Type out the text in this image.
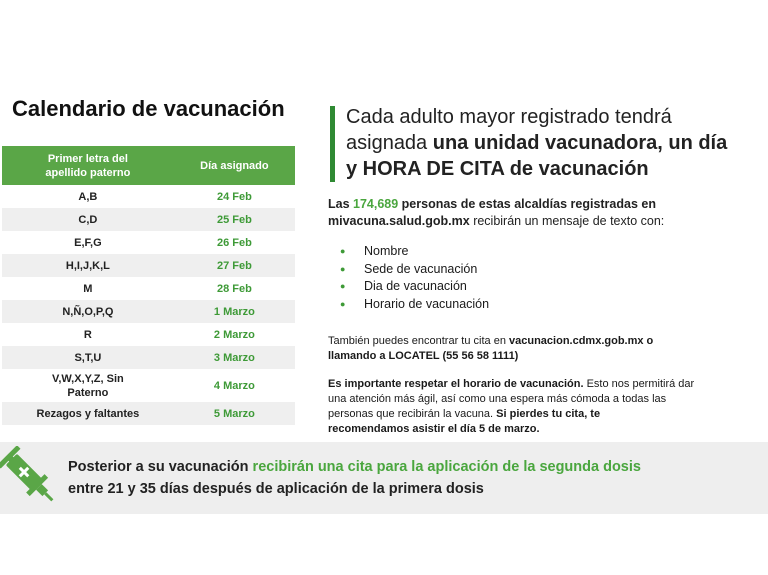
Calendario de vacunación
Primer letra del
apellido paterno	Día asignado
A,B	24 Feb
C,D	25 Feb
E,F,G	26 Feb
H,I,J,K,L	27 Feb
M	28 Feb
N,Ñ,O,P,Q	1 Marzo
R	2 Marzo
S,T,U	3 Marzo
V,W,X,Y,Z, Sin
Paterno	4 Marzo
Rezagos y faltantes	5 Marzo
Cada adulto mayor registrado tendrá
asignada una unidad vacunadora, un día
y HORA DE CITA de vacunación
Las 174,689 personas de estas alcaldías registradas en
mivacuna.salud.gob.mx recibirán un mensaje de texto con:
● Nombre
● Sede de vacunación
● Dia de vacunación
● Horario de vacunación
También puedes encontrar tu cita en vacunacion.cdmx.gob.mx o
llamando a LOCATEL (55 56 58 1111)
Es importante respetar el horario de vacunación. Esto nos permitirá dar
una atención más ágil, así como una espera más cómoda a todas las
personas que recibirán la vacuna. Si pierdes tu cita, te
recomendamos asistir el día 5 de marzo.
Posterior a su vacunación recibirán una cita para la aplicación de la segunda dosis
entre 21 y 35 días después de aplicación de la primera dosis
